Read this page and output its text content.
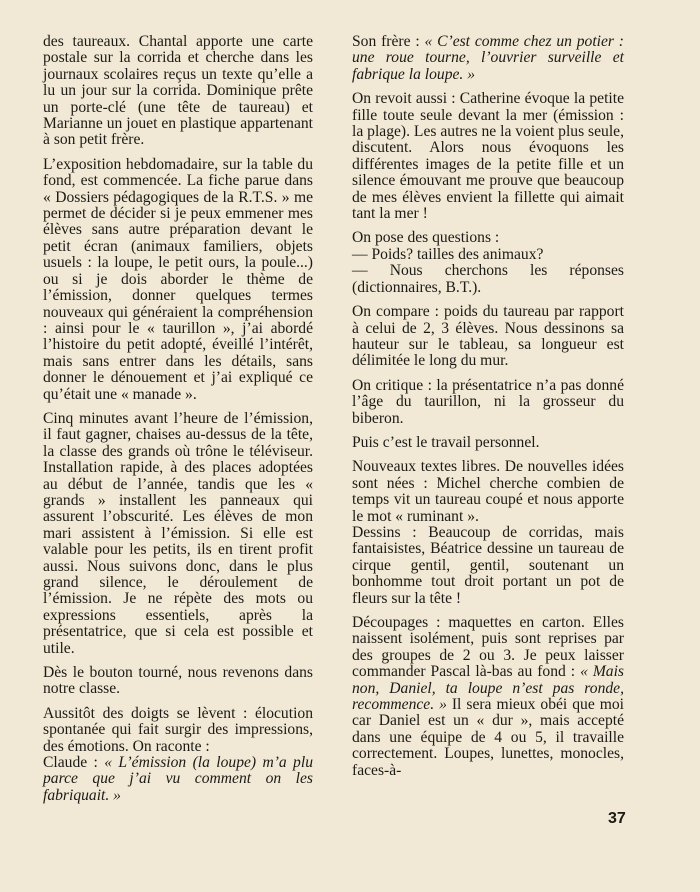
des taureaux. Chantal apporte une carte postale sur la corrida et cherche dans les journaux scolaires reçus un texte qu’elle a lu un jour sur la corrida. Dominique prête un porte-clé (une tête de taureau) et Marianne un jouet en plastique appartenant à son petit frère.

L’exposition hebdomadaire, sur la table du fond, est commencée. La fiche parue dans « Dossiers pédagogiques de la R.T.S. » me permet de décider si je peux emmener mes élèves sans autre préparation devant le petit écran (animaux familiers, objets usuels : la loupe, le petit ours, la poule...) ou si je dois aborder le thème de l’émission, donner quelques termes nouveaux qui généraient la compréhension : ainsi pour le « taurillon », j’ai abordé l’histoire du petit adopté, éveillé l’intérêt, mais sans entrer dans les détails, sans donner le dénouement et j’ai expliqué ce qu’était une « manade ».

Cinq minutes avant l’heure de l’émission, il faut gagner, chaises au-dessus de la tête, la classe des grands où trône le téléviseur. Installation rapide, à des places adoptées au début de l’année, tandis que les « grands » installent les panneaux qui assurent l’obscurité. Les élèves de mon mari assistent à l’émission. Si elle est valable pour les petits, ils en tirent profit aussi. Nous suivons donc, dans le plus grand silence, le déroulement de l’émission. Je ne répète des mots ou expressions essentiels, après la présentatrice, que si cela est possible et utile.

Dès le bouton tourné, nous revenons dans notre classe.

Aussitôt des doigts se lèvent : élocution spontanée qui fait surgir des impressions, des émotions. On raconte :

Claude : « L’émission (la loupe) m’a plu parce que j’ai vu comment on les fabriquait. »

Son frère : « C’est comme chez un potier : une roue tourne, l’ouvrier surveille et fabrique la loupe. »

On revoit aussi : Catherine évoque la petite fille toute seule devant la mer (émission : la plage). Les autres ne la voient plus seule, discutent. Alors nous évoquons les différentes images de la petite fille et un silence émouvant me prouve que beaucoup de mes élèves envient la fillette qui aimait tant la mer !

On pose des questions :

— Poids? tailles des animaux?

— Nous cherchons les réponses (dictionnaires, B.T.).

On compare : poids du taureau par rapport à celui de 2, 3 élèves. Nous dessinons sa hauteur sur le tableau, sa longueur est délimitée le long du mur.

On critique : la présentatrice n’a pas donné l’âge du taurillon, ni la grosseur du biberon.

Puis c’est le travail personnel.

Nouveaux textes libres. De nouvelles idées sont nées : Michel cherche combien de temps vit un taureau coupé et nous apporte le mot « ruminant ».

Dessins : Beaucoup de corridas, mais fantaisistes, Béatrice dessine un taureau de cirque gentil, gentil, soutenant un bonhomme tout droit portant un pot de fleurs sur la tête !

Découpages : maquettes en carton. Elles naissent isolément, puis sont reprises par des groupes de 2 ou 3. Je peux laisser commander Pascal là-bas au fond : « Mais non, Daniel, ta loupe n’est pas ronde, recommence. » Il sera mieux obéi que moi car Daniel est un « dur », mais accepté dans une équipe de 4 ou 5, il travaille correctement. Loupes, lunettes, monocles, faces-à-

37
